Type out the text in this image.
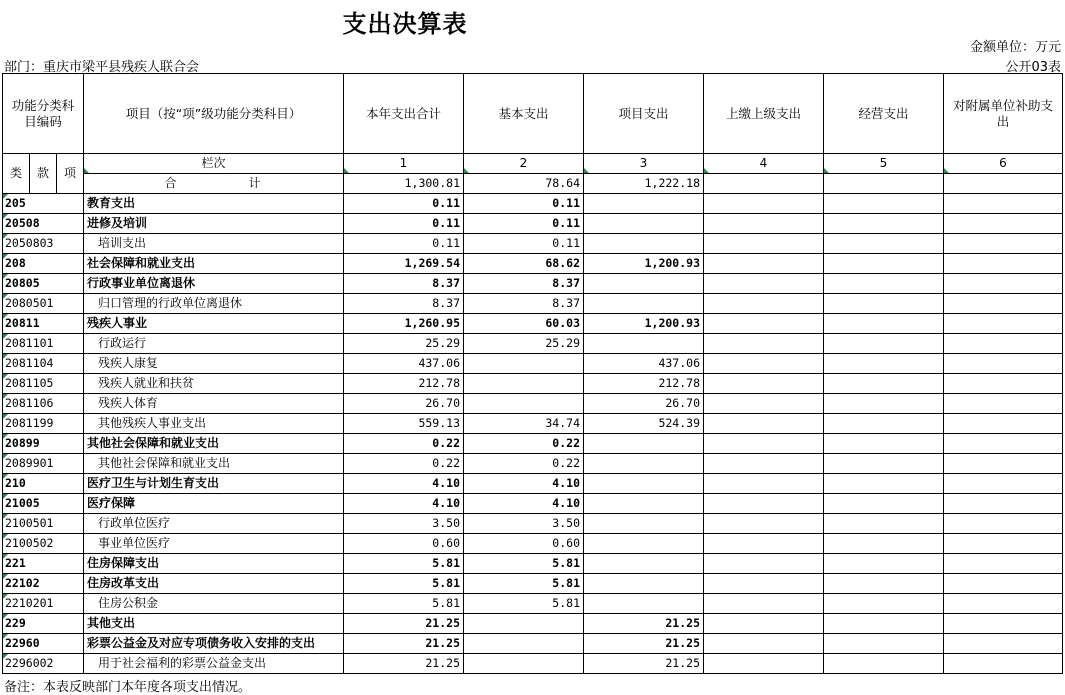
支出决算表
金额单位：万元
部门：重庆市梁平县残疾人联合会	公开03表
功能分类科目编码			项目（按“项”级功能分类科目）	本年支出合计	基本支出	项目支出	上缴上级支出	经营支出	对附属单位补助支出
类	款	项	栏次	1	2	3	4	5	6
			合　　　　　计	1,300.81	78.64	1,222.18			
205			教育支出	0.11	0.11				
20508			进修及培训	0.11	0.11				
2050803			培训支出	0.11	0.11				
208			社会保障和就业支出	1,269.54	68.62	1,200.93			
20805			行政事业单位离退休	8.37	8.37				
2080501			归口管理的行政单位离退休	8.37	8.37				
20811			残疾人事业	1,260.95	60.03	1,200.93			
2081101			行政运行	25.29	25.29				
2081104			残疾人康复	437.06		437.06			
2081105			残疾人就业和扶贫	212.78		212.78			
2081106			残疾人体育	26.70		26.70			
2081199			其他残疾人事业支出	559.13	34.74	524.39			
20899			其他社会保障和就业支出	0.22	0.22				
2089901			其他社会保障和就业支出	0.22	0.22				
210			医疗卫生与计划生育支出	4.10	4.10				
21005			医疗保障	4.10	4.10				
2100501			行政单位医疗	3.50	3.50				
2100502			事业单位医疗	0.60	0.60				
221			住房保障支出	5.81	5.81				
22102			住房改革支出	5.81	5.81				
2210201			住房公积金	5.81	5.81				
229			其他支出	21.25		21.25			
22960			彩票公益金及对应专项债务收入安排的支出	21.25		21.25			
2296002			用于社会福利的彩票公益金支出	21.25		21.25			
备注：本表反映部门本年度各项支出情况。
